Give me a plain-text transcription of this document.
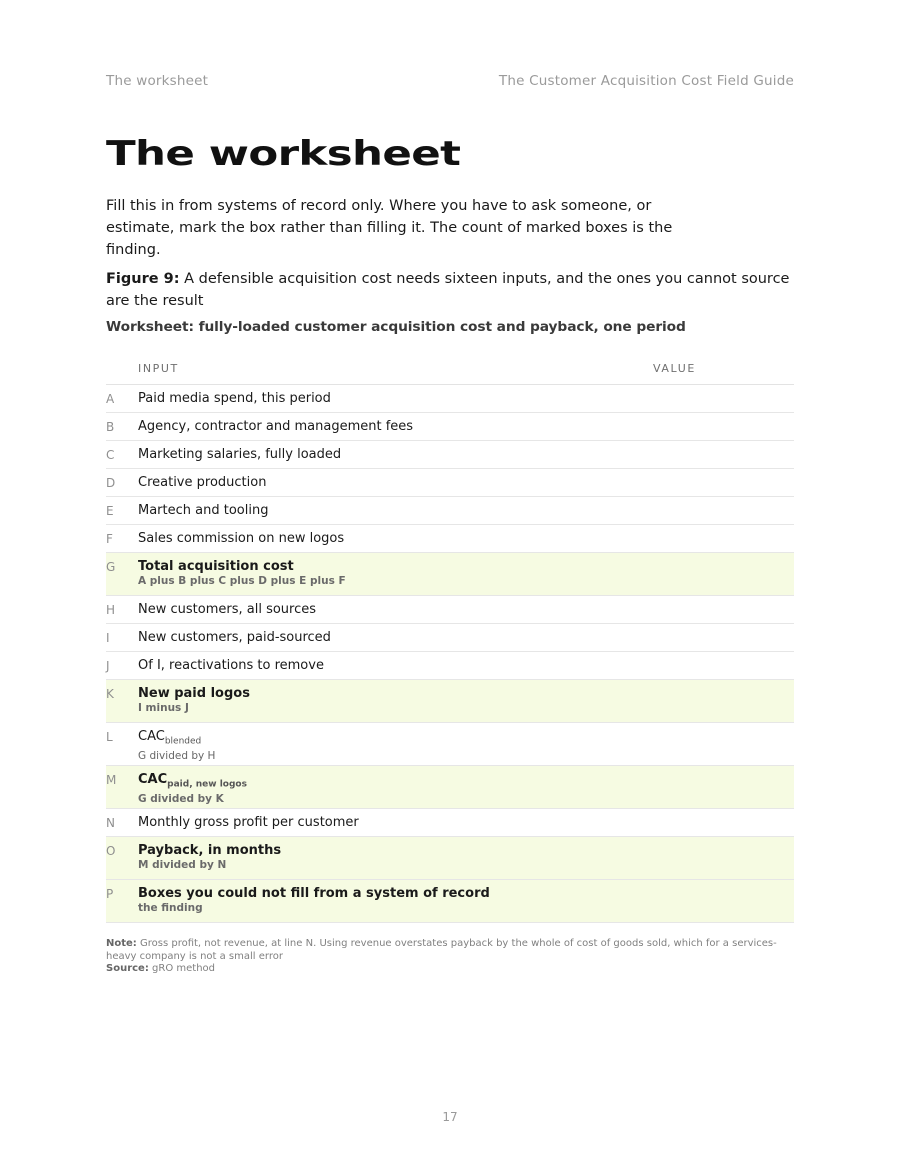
The worksheet	The Customer Acquisition Cost Field Guide
The worksheet

Fill this in from systems of record only. Where you have to ask someone, or estimate, mark the box rather than filling it. The count of marked boxes is the finding.

Figure 9: A defensible acquisition cost needs sixteen inputs, and the ones you cannot source are the result

Worksheet: fully-loaded customer acquisition cost and payback, one period

INPUT	VALUE
A	Paid media spend, this period
B	Agency, contractor and management fees
C	Marketing salaries, fully loaded
D	Creative production
E	Martech and tooling
F	Sales commission on new logos
G	Total acquisition cost
A plus B plus C plus D plus E plus F
H	New customers, all sources
I	New customers, paid-sourced
J	Of I, reactivations to remove
K	New paid logos
I minus J
L	$CAC_{blended}$
G divided by H
M	$CAC_{paid, new logos}$
G divided by K
N	Monthly gross profit per customer
O	Payback, in months
M divided by N
P	Boxes you could not fill from a system of record
the finding

Note: Gross profit, not revenue, at line N. Using revenue overstates payback by the whole of cost of goods sold, which for a services-heavy company is not a small error
Source: gRO method

17
